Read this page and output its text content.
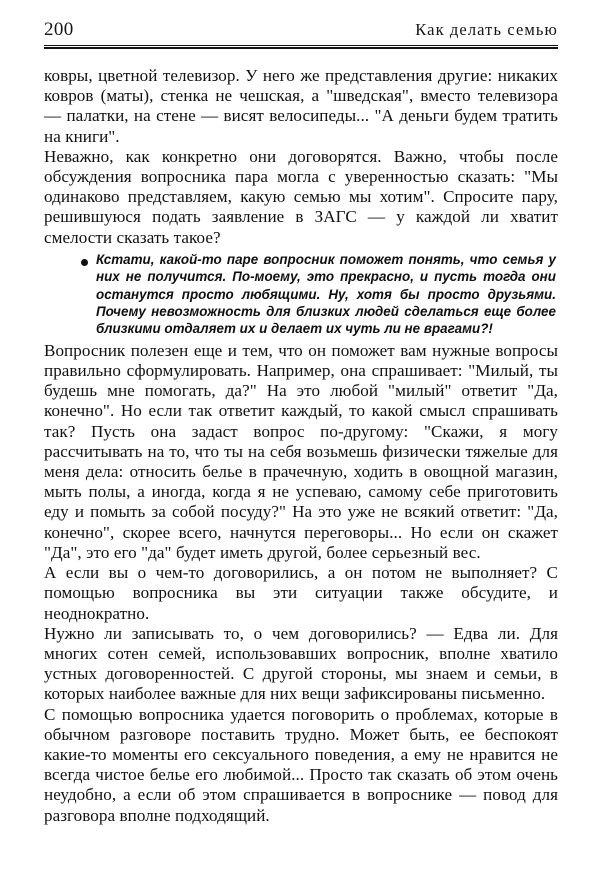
200	Как делать семью

ковры, цветной телевизор. У него же представления другие: никаких ковров (маты), стенка не чешская, а "шведская", вместо телевизора — палатки, на стене — висят велосипеды... "А деньги будем тратить на книги".

Неважно, как конкретно они договорятся. Важно, чтобы после обсуждения вопросника пара могла с уверенностью сказать: "Мы одинаково представляем, какую семью мы хотим". Спросите пару, решившуюся подать заявление в ЗАГС — у каждой ли хватит смелости сказать такое?

Кстати, какой-то паре вопросник поможет понять, что семья у них не получится. По-моему, это прекрасно, и пусть тогда они останутся просто любящими. Ну, хотя бы просто друзьями. Почему невозможность для близких людей сделаться еще более близкими отдаляет их и делает их чуть ли не врагами?!

Вопросник полезен еще и тем, что он поможет вам нужные вопросы правильно сформулировать. Например, она спрашивает: "Милый, ты будешь мне помогать, да?" На это любой "милый" ответит "Да, конечно". Но если так ответит каждый, то какой смысл спрашивать так? Пусть она задаст вопрос по-другому: "Скажи, я могу рассчитывать на то, что ты на себя возьмешь физически тяжелые для меня дела: относить белье в прачечную, ходить в овощной магазин, мыть полы, а иногда, когда я не успеваю, самому себе приготовить еду и помыть за собой посуду?" На это уже не всякий ответит: "Да, конечно", скорее всего, начнутся переговоры... Но если он скажет "Да", это его "да" будет иметь другой, более серьезный вес.

А если вы о чем-то договорились, а он потом не выполняет? С помощью вопросника вы эти ситуации также обсудите, и неоднократно.

Нужно ли записывать то, о чем договорились? — Едва ли. Для многих сотен семей, использовавших вопросник, вполне хватило устных договоренностей. С другой стороны, мы знаем и семьи, в которых наиболее важные для них вещи зафиксированы письменно.

С помощью вопросника удается поговорить о проблемах, которые в обычном разговоре поставить трудно. Может быть, ее беспокоят какие-то моменты его сексуального поведения, а ему не нравится не всегда чистое белье его любимой... Просто так сказать об этом очень неудобно, а если об этом спрашивается в вопроснике — повод для разговора вполне подходящий.
